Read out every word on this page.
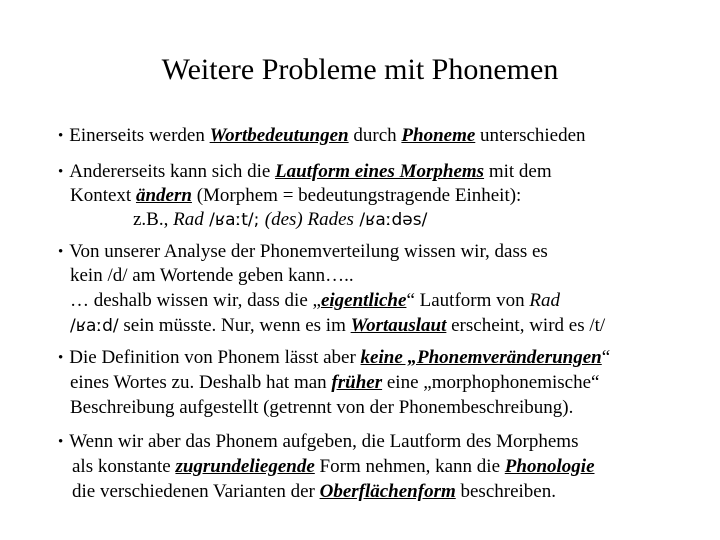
Weitere Probleme mit Phonemen
• Einerseits werden Wortbedeutungen durch Phoneme unterschieden
• Andererseits kann sich die Lautform eines Morphems mit dem
Kontext ändern (Morphem = bedeutungstragende Einheit):
z.B., Rad /ʁaːt/; (des) Rades /ʁaːdəs/
• Von unserer Analyse der Phonemverteilung wissen wir, dass es
kein /d/ am Wortende geben kann…..
… deshalb wissen wir, dass die „eigentliche“ Lautform von Rad
/ʁaːd/ sein müsste. Nur, wenn es im Wortauslaut erscheint, wird es /t/
• Die Definition von Phonem lässt aber keine „Phonemveränderungen“
eines Wortes zu. Deshalb hat man früher eine „morphophonemische“
Beschreibung aufgestellt (getrennt von der Phonembeschreibung).
• Wenn wir aber das Phonem aufgeben, die Lautform des Morphems
als konstante zugrundeliegende Form nehmen, kann die Phonologie
die verschiedenen Varianten der Oberflächenform beschreiben.
